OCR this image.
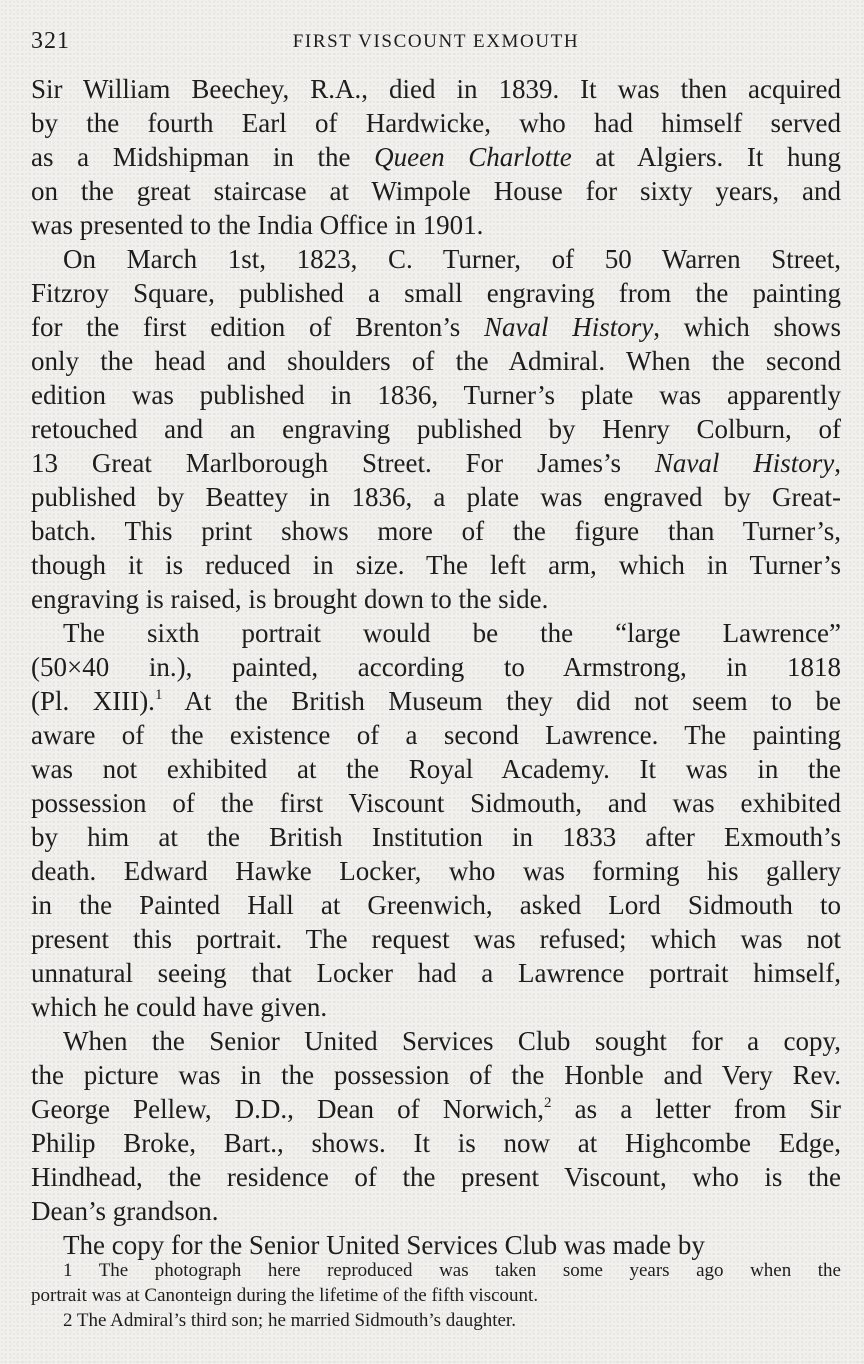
321	FIRST VISCOUNT EXMOUTH
Sir William Beechey, R.A., died in 1839. It was then acquired
by the fourth Earl of Hardwicke, who had himself served
as a Midshipman in the Queen Charlotte at Algiers. It hung
on the great staircase at Wimpole House for sixty years, and
was presented to the India Office in 1901.
On March 1st, 1823, C. Turner, of 50 Warren Street,
Fitzroy Square, published a small engraving from the painting
for the first edition of Brenton’s Naval History, which shows
only the head and shoulders of the Admiral. When the second
edition was published in 1836, Turner’s plate was apparently
retouched and an engraving published by Henry Colburn, of
13 Great Marlborough Street. For James’s Naval History,
published by Beattey in 1836, a plate was engraved by Great-
batch. This print shows more of the figure than Turner’s,
though it is reduced in size. The left arm, which in Turner’s
engraving is raised, is brought down to the side.
The sixth portrait would be the “large Lawrence”
(50×40 in.), painted, according to Armstrong, in 1818
(Pl. XIII).$^1$ At the British Museum they did not seem to be
aware of the existence of a second Lawrence. The painting
was not exhibited at the Royal Academy. It was in the
possession of the first Viscount Sidmouth, and was exhibited
by him at the British Institution in 1833 after Exmouth’s
death. Edward Hawke Locker, who was forming his gallery
in the Painted Hall at Greenwich, asked Lord Sidmouth to
present this portrait. The request was refused; which was not
unnatural seeing that Locker had a Lawrence portrait himself,
which he could have given.
When the Senior United Services Club sought for a copy,
the picture was in the possession of the Honble and Very Rev.
George Pellew, D.D., Dean of Norwich,$^2$ as a letter from Sir
Philip Broke, Bart., shows. It is now at Highcombe Edge,
Hindhead, the residence of the present Viscount, who is the
Dean’s grandson.
The copy for the Senior United Services Club was made by
1 The photograph here reproduced was taken some years ago when the
portrait was at Canonteign during the lifetime of the fifth viscount.
2 The Admiral’s third son; he married Sidmouth’s daughter.
